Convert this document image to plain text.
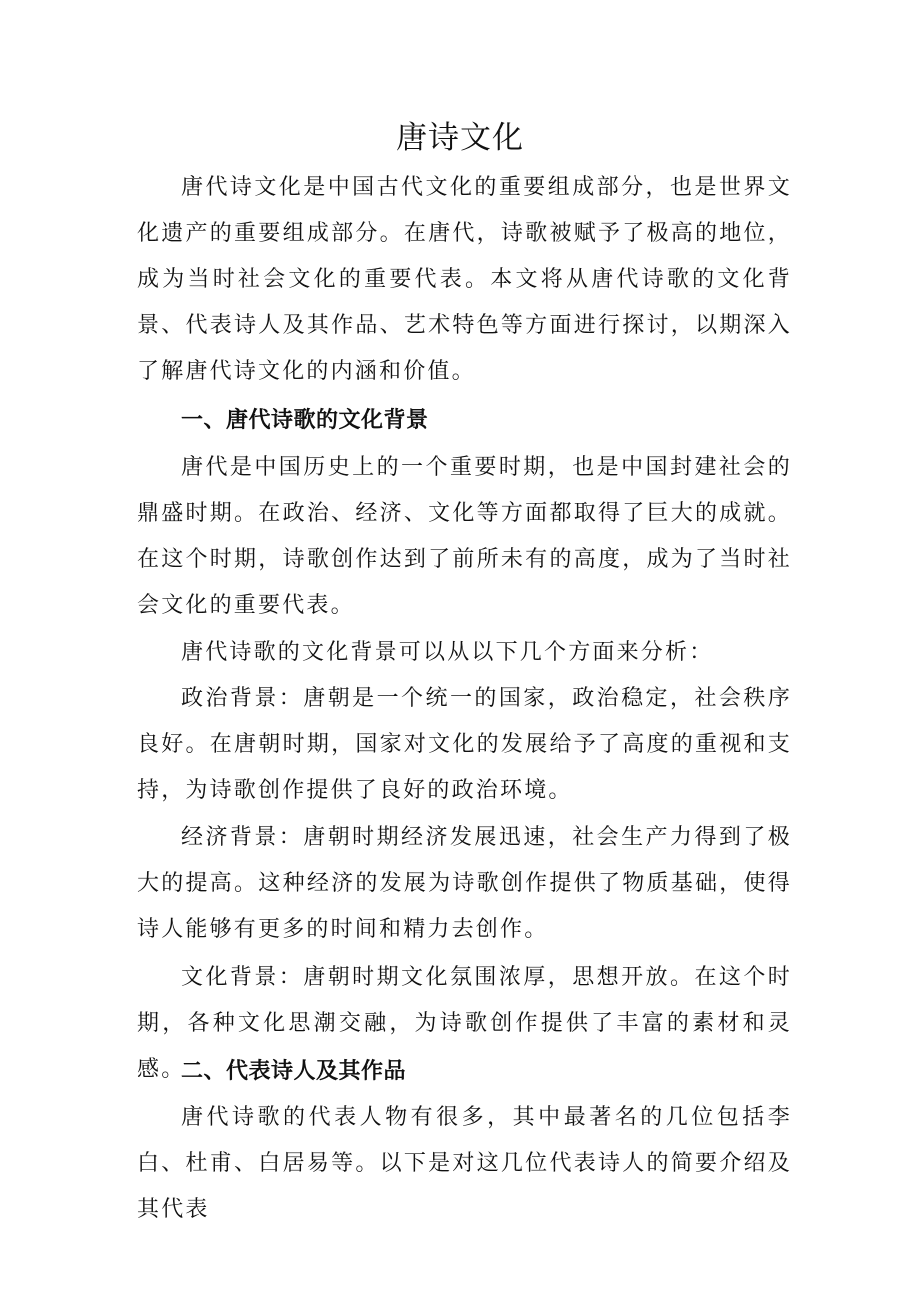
唐诗文化
唐代诗文化是中国古代文化的重要组成部分，也是世界文化遗产的重要组成部分。在唐代，诗歌被赋予了极高的地位，成为当时社会文化的重要代表。本文将从唐代诗歌的文化背景、代表诗人及其作品、艺术特色等方面进行探讨，以期深入了解唐代诗文化的内涵和价值。
一、唐代诗歌的文化背景
唐代是中国历史上的一个重要时期，也是中国封建社会的鼎盛时期。在政治、经济、文化等方面都取得了巨大的成就。在这个时期，诗歌创作达到了前所未有的高度，成为了当时社会文化的重要代表。
唐代诗歌的文化背景可以从以下几个方面来分析：
政治背景：唐朝是一个统一的国家，政治稳定，社会秩序良好。在唐朝时期，国家对文化的发展给予了高度的重视和支持，为诗歌创作提供了良好的政治环境。
经济背景：唐朝时期经济发展迅速，社会生产力得到了极大的提高。这种经济的发展为诗歌创作提供了物质基础，使得诗人能够有更多的时间和精力去创作。
文化背景：唐朝时期文化氛围浓厚，思想开放。在这个时期，各种文化思潮交融，为诗歌创作提供了丰富的素材和灵感。
二、代表诗人及其作品
唐代诗歌的代表人物有很多，其中最著名的几位包括李白、杜甫、白居易等。以下是对这几位代表诗人的简要介绍及其代表
